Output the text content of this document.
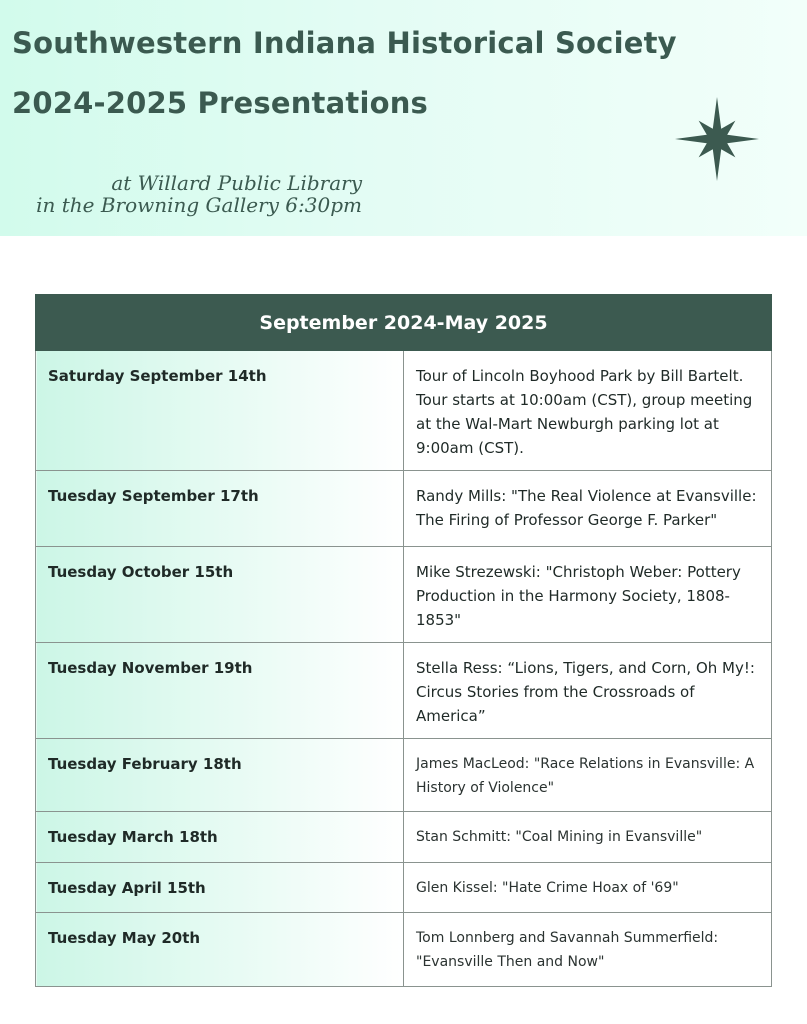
Southwestern Indiana Historical Society
2024-2025 Presentations
at Willard Public Library
in the Browning Gallery 6:30pm
September 2024-May 2025	
Saturday September 14th	Tour of Lincoln Boyhood Park by Bill Bartelt. Tour starts at 10:00am (CST), group meeting at the Wal-Mart Newburgh parking lot at 9:00am (CST).
Tuesday September 17th	Randy Mills: "The Real Violence at Evansville: The Firing of Professor George F. Parker"
Tuesday October 15th	Mike Strezewski: "Christoph Weber: Pottery Production in the Harmony Society, 1808-1853"
Tuesday November 19th	Stella Ress: “Lions, Tigers, and Corn, Oh My!: Circus Stories from the Crossroads of America”
Tuesday February 18th	James MacLeod: "Race Relations in Evansville: A History of Violence"
Tuesday March 18th	Stan Schmitt: "Coal Mining in Evansville"
Tuesday April 15th	Glen Kissel: "Hate Crime Hoax of '69"
Tuesday May 20th	Tom Lonnberg and Savannah Summerfield: "Evansville Then and Now"
